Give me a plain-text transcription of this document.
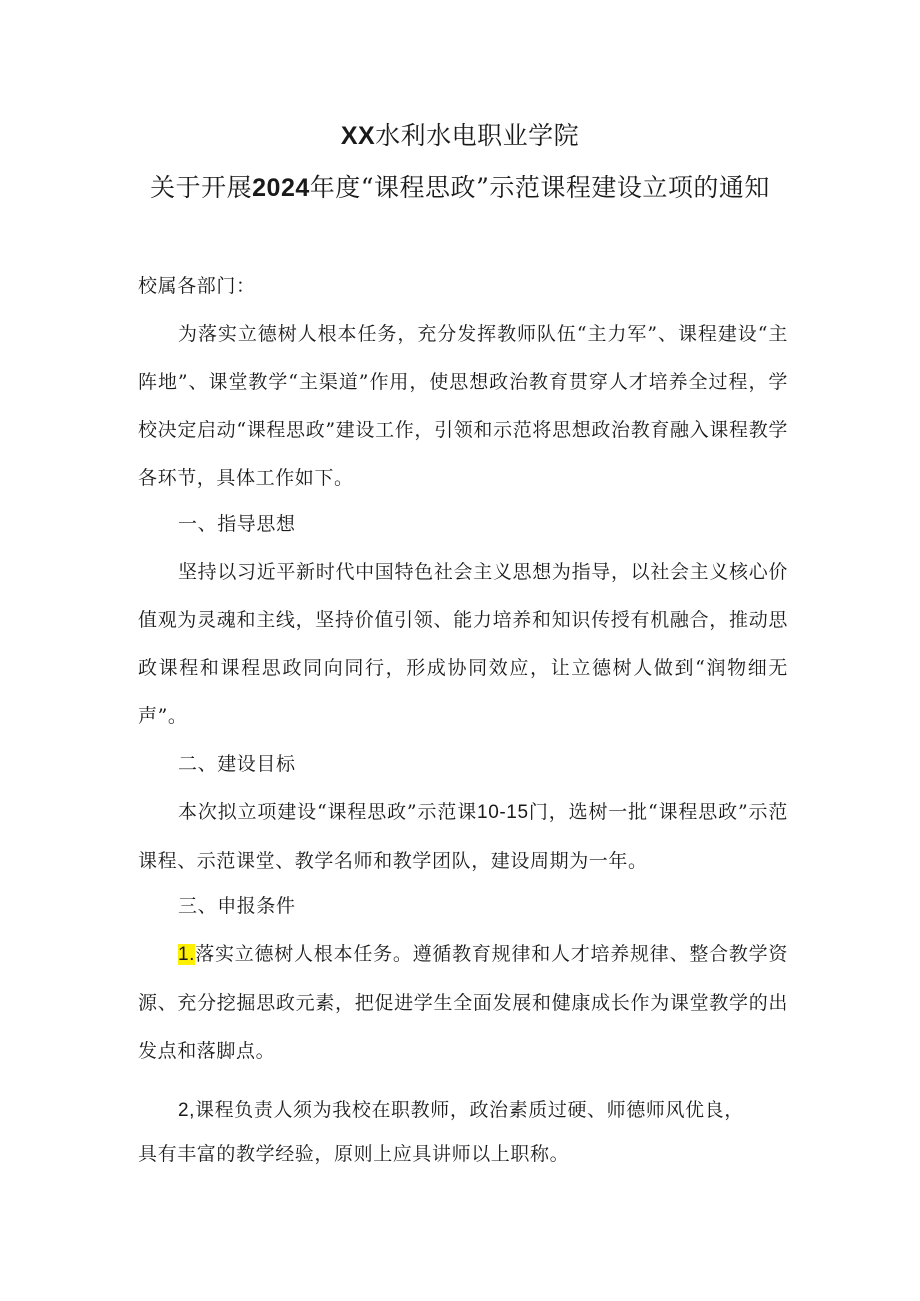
XX水利水电职业学院
关于开展2024年度“课程思政”示范课程建设立项的通知
校属各部门：
为落实立德树人根本任务，充分发挥教师队伍“主力军”、课程建设“主阵地”、课堂教学“主渠道”作用，使思想政治教育贯穿人才培养全过程，学校决定启动“课程思政”建设工作，引领和示范将思想政治教育融入课程教学各环节，具体工作如下。
一、指导思想
坚持以习近平新时代中国特色社会主义思想为指导，以社会主义核心价值观为灵魂和主线，坚持价值引领、能力培养和知识传授有机融合，推动思政课程和课程思政同向同行，形成协同效应，让立德树人做到“润物细无声”。
二、建设目标
本次拟立项建设“课程思政”示范课10-15门，选树一批“课程思政”示范课程、示范课堂、教学名师和教学团队，建设周期为一年。
三、申报条件
1.落实立德树人根本任务。遵循教育规律和人才培养规律、整合教学资源、充分挖掘思政元素，把促进学生全面发展和健康成长作为课堂教学的出发点和落脚点。
2,课程负责人须为我校在职教师，政治素质过硬、师德师风优良，
具有丰富的教学经验，原则上应具讲师以上职称。
